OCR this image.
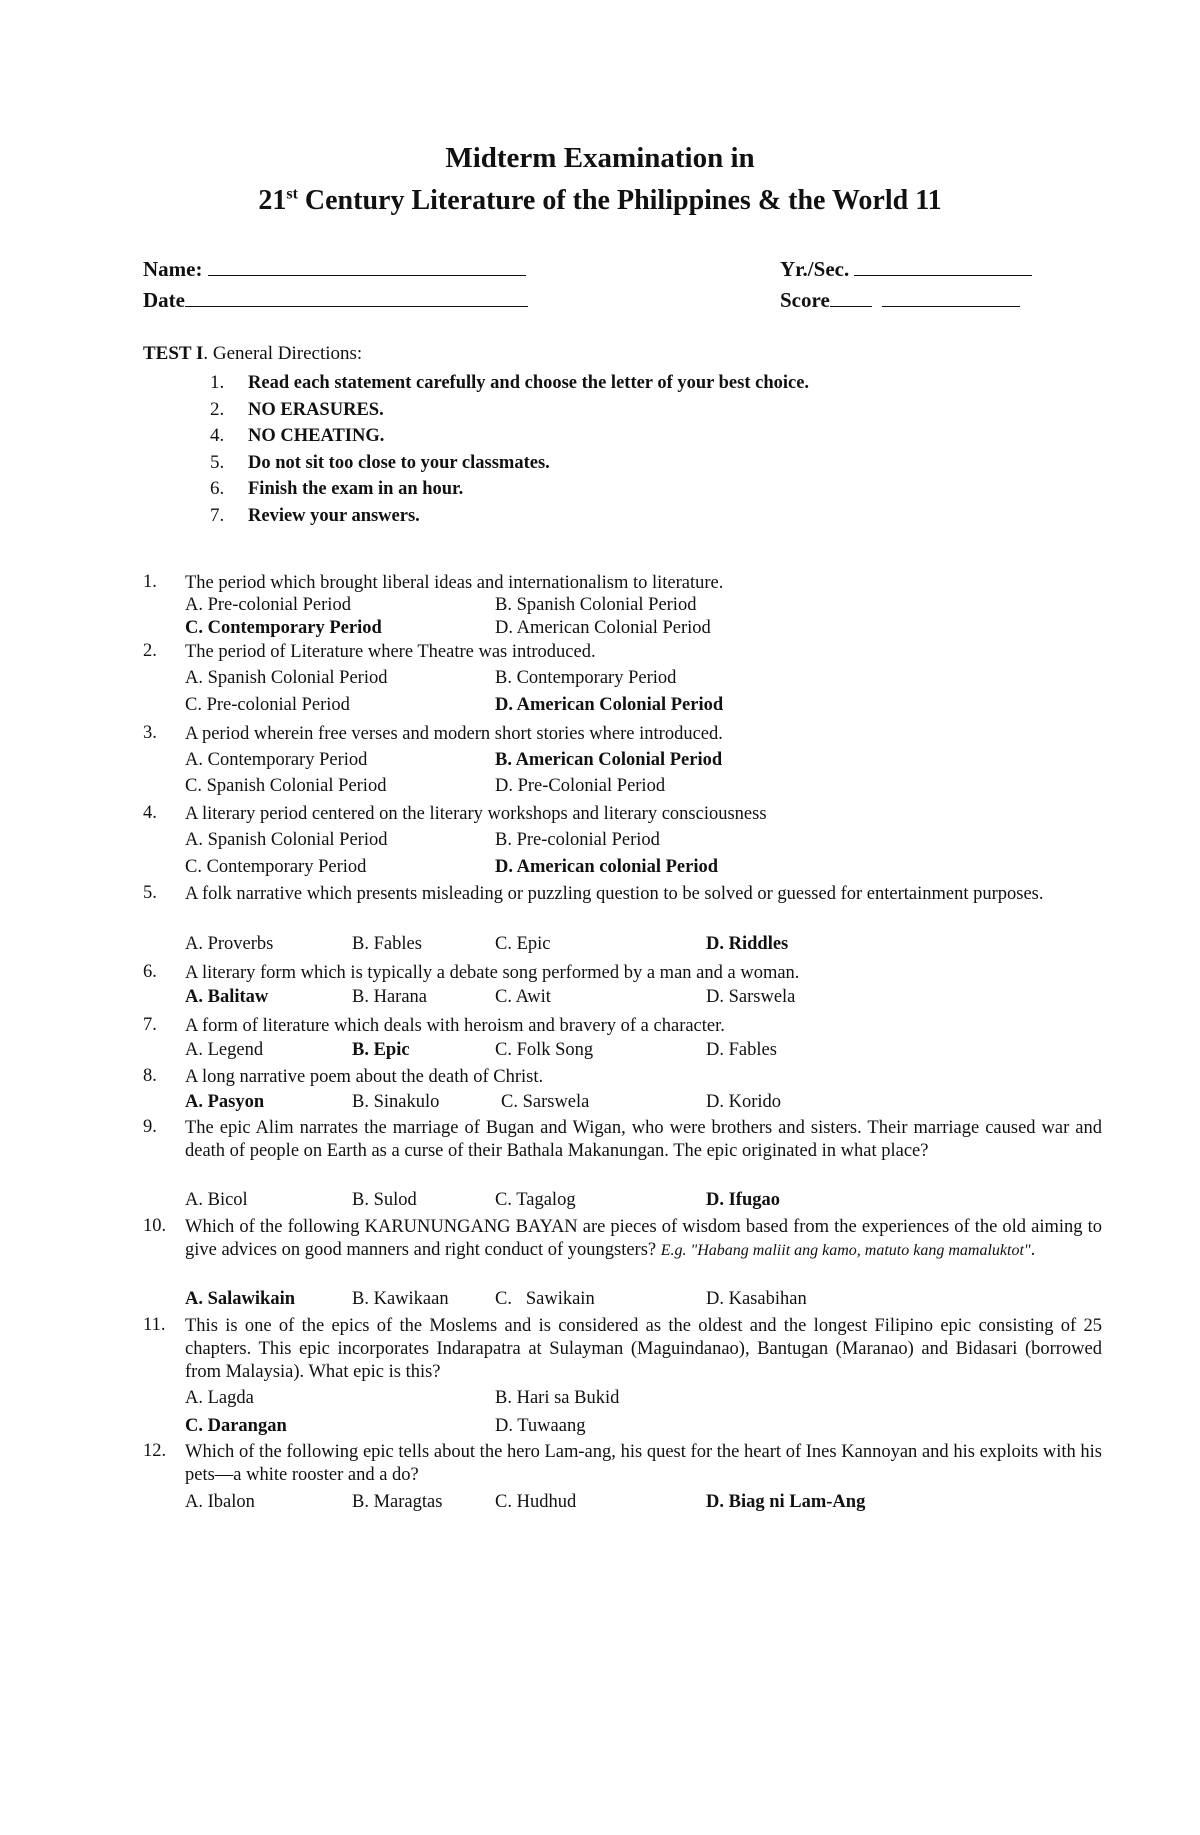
Midterm Examination in
21st Century Literature of the Philippines & the World 11
Name:
Date
Yr./Sec.
Score
TEST I. General Directions:
1. Read each statement carefully and choose the letter of your best choice.
2. NO ERASURES.
4. NO CHEATING.
5. Do not sit too close to your classmates.
6. Finish the exam in an hour.
7. Review your answers.
1. The period which brought liberal ideas and internationalism to literature.
A. Pre-colonial Period	B. Spanish Colonial Period
C. Contemporary Period	D. American Colonial Period
2. The period of Literature where Theatre was introduced.
A. Spanish Colonial Period	B. Contemporary Period
C. Pre-colonial Period	D. American Colonial Period
3. A period wherein free verses and modern short stories where introduced.
A. Contemporary Period	B. American Colonial Period
C. Spanish Colonial Period	D. Pre-Colonial Period
4. A literary period centered on the literary workshops and literary consciousness
A. Spanish Colonial Period	B. Pre-colonial Period
C. Contemporary Period	D. American colonial Period
5. A folk narrative which presents misleading or puzzling question to be solved or guessed for entertainment purposes.
A. Proverbs	B. Fables	C. Epic	D. Riddles
6. A literary form which is typically a debate song performed by a man and a woman.
A. Balitaw	B. Harana	C. Awit	D. Sarswela
7. A form of literature which deals with heroism and bravery of a character.
A. Legend	B. Epic	C. Folk Song	D. Fables
8. A long narrative poem about the death of Christ.
A. Pasyon	B. Sinakulo	C. Sarswela	D. Korido
9. The epic Alim narrates the marriage of Bugan and Wigan, who were brothers and sisters. Their marriage caused war and death of people on Earth as a curse of their Bathala Makanungan. The epic originated in what place?
A. Bicol	B. Sulod	C. Tagalog	D. Ifugao
10. Which of the following KARUNUNGANG BAYAN are pieces of wisdom based from the experiences of the old aiming to give advices on good manners and right conduct of youngsters? E.g. "Habang maliit ang kamo, matuto kang mamaluktot".
A. Salawikain	B. Kawikaan	C.   Sawikain	D. Kasabihan
11. This is one of the epics of the Moslems and is considered as the oldest and the longest Filipino epic consisting of 25 chapters. This epic incorporates Indarapatra at Sulayman (Maguindanao), Bantugan (Maranao) and Bidasari (borrowed from Malaysia). What epic is this?
A. Lagda	B. Hari sa Bukid
C. Darangan	D. Tuwaang
12. Which of the following epic tells about the hero Lam-ang, his quest for the heart of Ines Kannoyan and his exploits with his pets—a white rooster and a do?
A. Ibalon	B. Maragtas	C. Hudhud	D. Biag ni Lam-Ang
